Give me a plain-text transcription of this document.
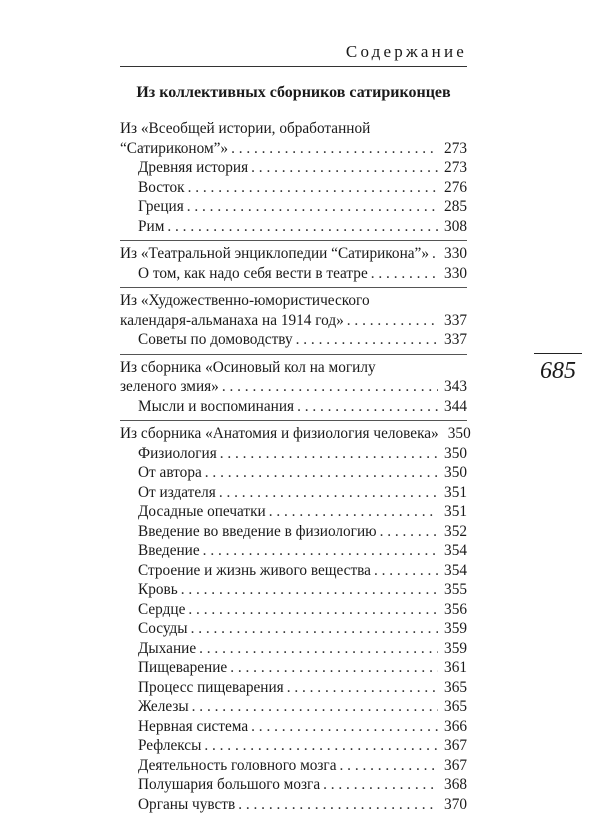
Содержание
Из коллективных сборников сатириконцев
Из «Всеобщей истории, обработанной
“Сатириконом”» . . .	273
Древняя история . . .	273
Восток . . .	276
Греция . . .	285
Рим . . .	308
Из «Театральной энциклопедии “Сатирикона”» . . . 330
О том, как надо себя вести в театре . . .	330
Из «Художественно-юмористического
календаря-альманаха на 1914 год» . . .	337
Советы по домоводству . . .	337
Из сборника «Осиновый кол на могилу
зеленого змия» . . .	343
Мысли и воспоминания . . .	344
Из сборника «Анатомия и физиология человека» 350
Физиология . . .	350
От автора . . .	350
От издателя . . .	351
Досадные опечатки . . .	351
Введение во введение в физиологию . . .	352
Введение . . .	354
Строение и жизнь живого вещества . . .	354
Кровь . . .	355
Сердце . . .	356
Сосуды . . .	359
Дыхание . . .	359
Пищеварение . . .	361
Процесс пищеварения . . .	365
Железы . . .	365
Нервная система . . .	366
Рефлексы . . .	367
Деятельность головного мозга . . .	367
Полушария большого мозга . . .	368
Органы чувств . . .	370
685
